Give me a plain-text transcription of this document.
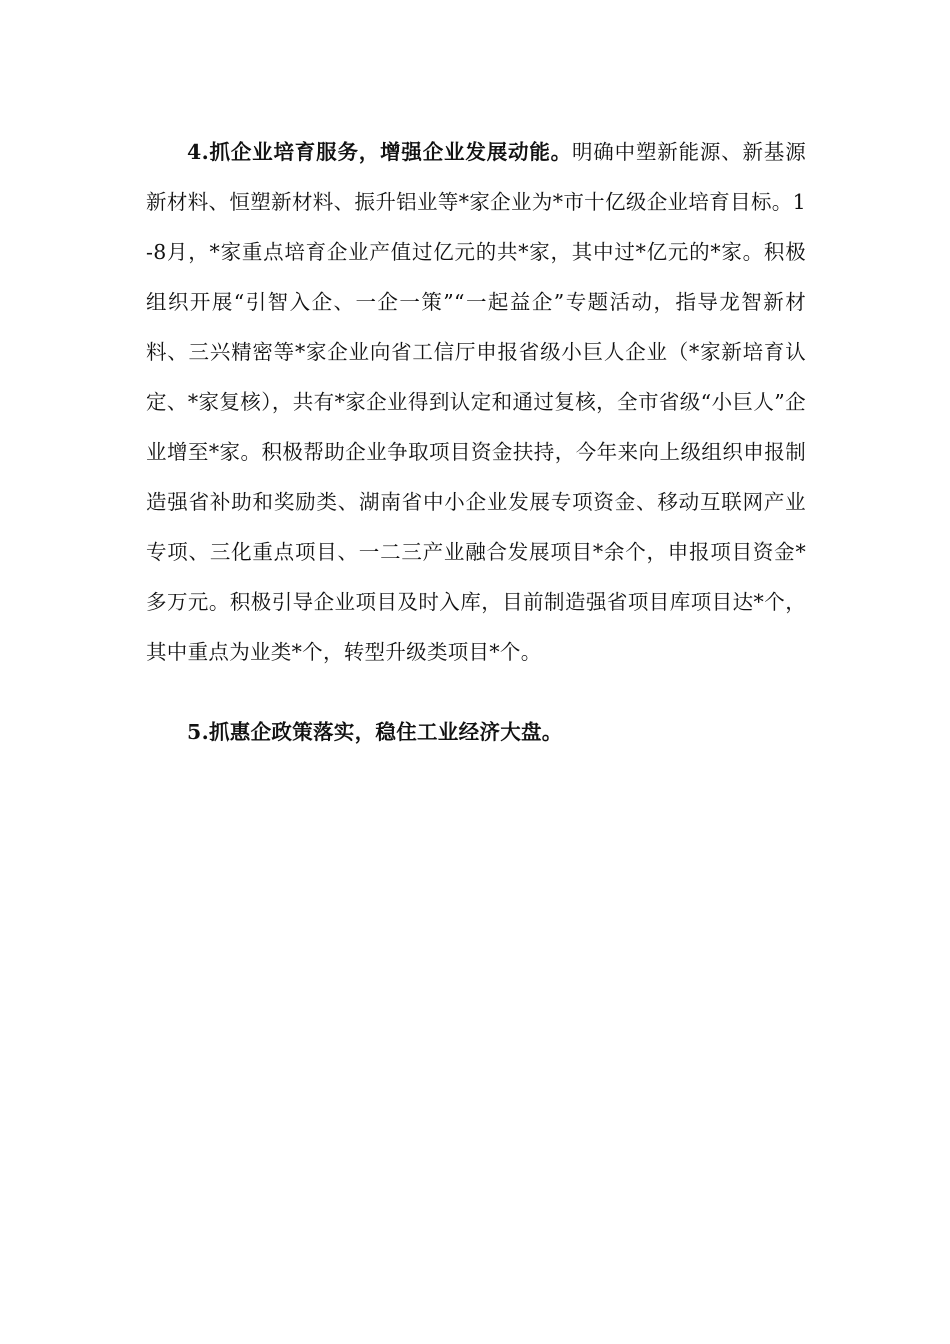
4.抓企业培育服务，增强企业发展动能。明确中塑新能源、新基源新材料、恒塑新材料、振升铝业等*家企业为*市十亿级企业培育目标。1-8月，*家重点培育企业产值过亿元的共*家，其中过*亿元的*家。积极组织开展“引智入企、一企一策”“一起益企”专题活动，指导龙智新材料、三兴精密等*家企业向省工信厅申报省级小巨人企业（*家新培育认定、*家复核），共有*家企业得到认定和通过复核，全市省级“小巨人”企业增至*家。积极帮助企业争取项目资金扶持，今年来向上级组织申报制造强省补助和奖励类、湖南省中小企业发展专项资金、移动互联网产业专项、三化重点项目、一二三产业融合发展项目*余个，申报项目资金*多万元。积极引导企业项目及时入库，目前制造强省项目库项目达*个，其中重点为业类*个，转型升级类项目*个。

5.抓惠企政策落实，稳住工业经济大盘。
